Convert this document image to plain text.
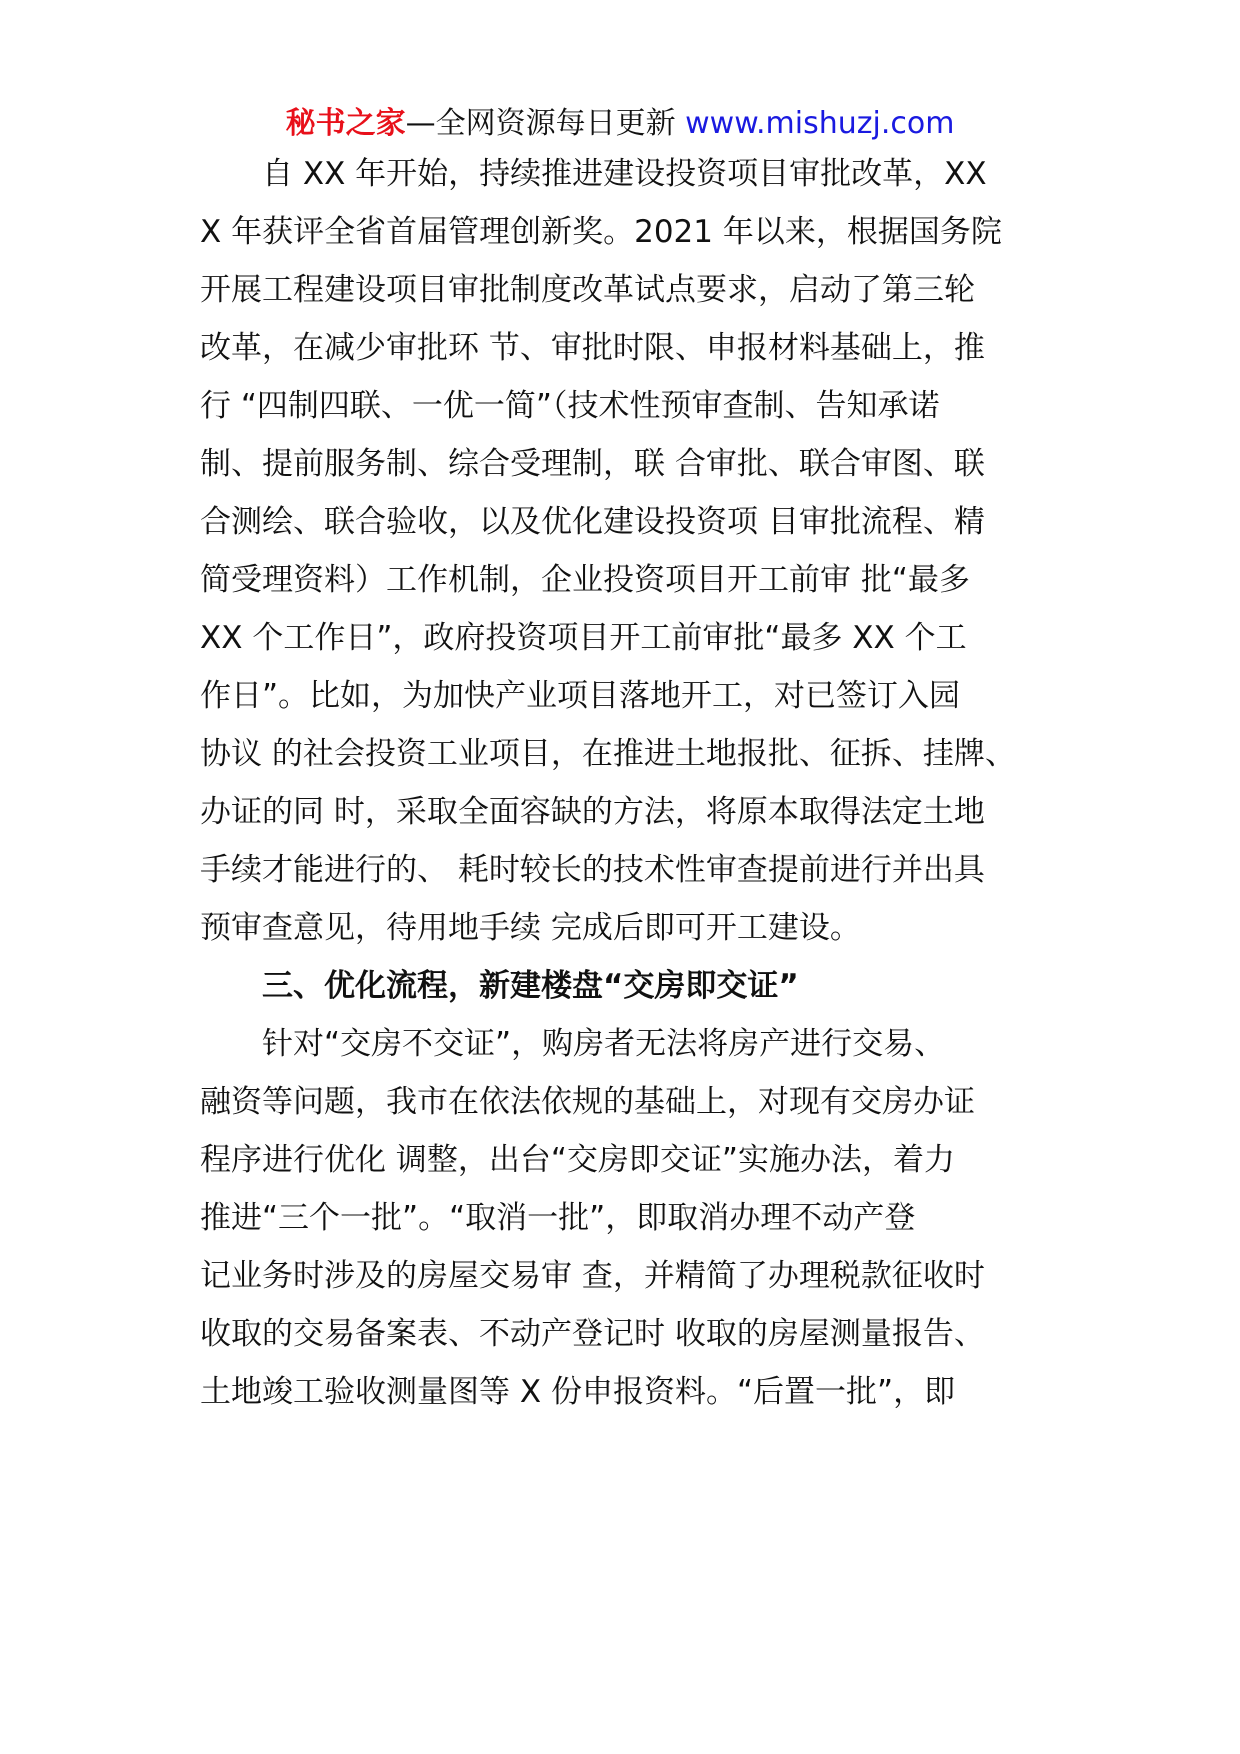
秘书之家—全网资源每日更新 www.mishuzj.com
　　自 XX 年开始，持续推进建设投资项目审批改革，XX
X 年获评全省首届管理创新奖。2021 年以来，根据国务院
开展工程建设项目审批制度改革试点要求，启动了第三轮
改革，在减少审批环 节、审批时限、申报材料基础上，推
行 “四制四联、一优一简”（技术性预审查制、告知承诺
制、提前服务制、综合受理制，联 合审批、联合审图、联
合测绘、联合验收，以及优化建设投资项 目审批流程、精
简受理资料）工作机制，企业投资项目开工前审 批“最多
XX 个工作日”，政府投资项目开工前审批“最多 XX 个工
作日”。比如，为加快产业项目落地开工，对已签订入园
协议 的社会投资工业项目，在推进土地报批、征拆、挂牌、
办证的同 时，采取全面容缺的方法，将原本取得法定土地
手续才能进行的、 耗时较长的技术性审查提前进行并出具
预审查意见，待用地手续 完成后即可开工建设。
　　三、优化流程，新建楼盘“交房即交证”
　　针对“交房不交证”，购房者无法将房产进行交易、
融资等问题，我市在依法依规的基础上，对现有交房办证
程序进行优化 调整，出台“交房即交证”实施办法，着力
推进“三个一批”。“取消一批”，即取消办理不动产登
记业务时涉及的房屋交易审 查，并精简了办理税款征收时
收取的交易备案表、不动产登记时 收取的房屋测量报告、
土地竣工验收测量图等 X 份申报资料。“后置一批”，即
